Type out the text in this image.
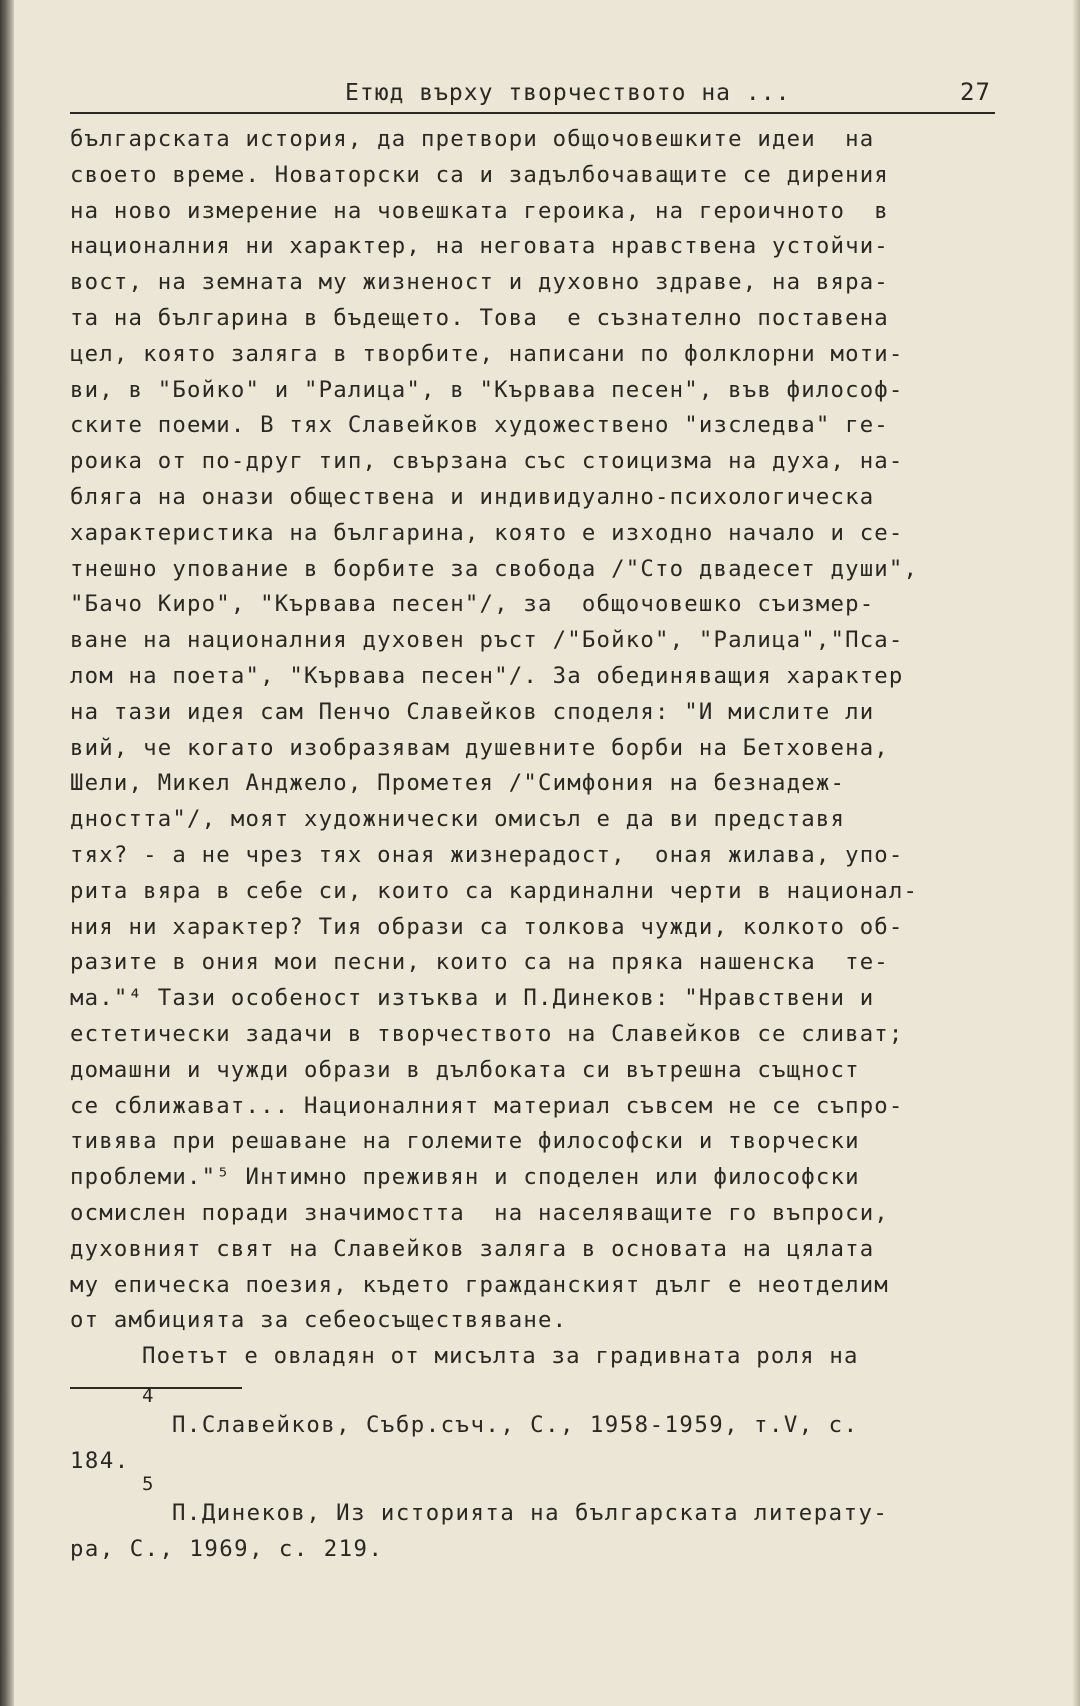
Етюд върху творчеството на ...	27
българската история, да претвори общочовешките идеи  на
своето време. Новаторски са и задълбочаващите се дирения
на ново измерение на човешката героика, на героичното  в
националния ни характер, на неговата нравствена устойчи-
вост, на земната му жизненост и духовно здраве, на вяра-
та на българина в бъдещето. Това  е съзнателно поставена
цел, която залягa в творбите, написани по фолклорни моти-
ви, в "Бойко" и "Ралица", в "Кървава песен", във философ-
ските поеми. В тях Славейков художествено "изследва" ге-
роика от по-друг тип, свързана със стоицизма на духа, на-
бляга на онази обществена и индивидуално-психологическа
характеристика на българина, която е изходно начало и се-
тнешно упование в борбите за свобода /"Сто двадесет души",
"Бачо Киро", "Кървава песен"/, за  общочовешко съизмер-
ване на националния духовен ръст /"Бойко", "Ралица","Пса-
лом на поета", "Кървава песен"/. За обединяващия характер
на тази идея сам Пенчо Славейков споделя: "И мислите ли
вий, че когато изобразявам душевните борби на Бетховена,
Шели, Микел Анджело, Прометея /"Симфония на безнадеж-
дността"/, моят художнически омисъл е да ви представя
тях? - а не чрез тях оная жизнерадост,  оная жилава, упо-
рита вяра в себе си, които са кардинални черти в национал-
ния ни характер? Тия образи са толкова чужди, колкото об-
разите в ония мои песни, които са на пряка нашенска  те-
ма."⁴ Тази особеност изтъква и П.Динеков: "Нравствени и
естетически задачи в творчеството на Славейков се сливат;
домашни и чужди образи в дълбоката си вътрешна същност
се сближават... Националният материал съвсем не се съпро-
тивява при решаване на големите философски и творчески
проблеми."⁵ Интимно преживян и споделен или философски
осмислен поради значимостта  на населяващите го въпроси,
духовният свят на Славейков залягa в основата на цялата
му епическа поезия, където гражданският дълг е неотделим
от амбицията за себеосъществяване.
Поетът е овладян от мисълта за градивната роля на
4
П.Славейков, Събр.съч., С., 1958-1959, т.V, с.
184.
5
П.Динеков, Из историята на българската литерату-
ра, С., 1969, с. 219.
